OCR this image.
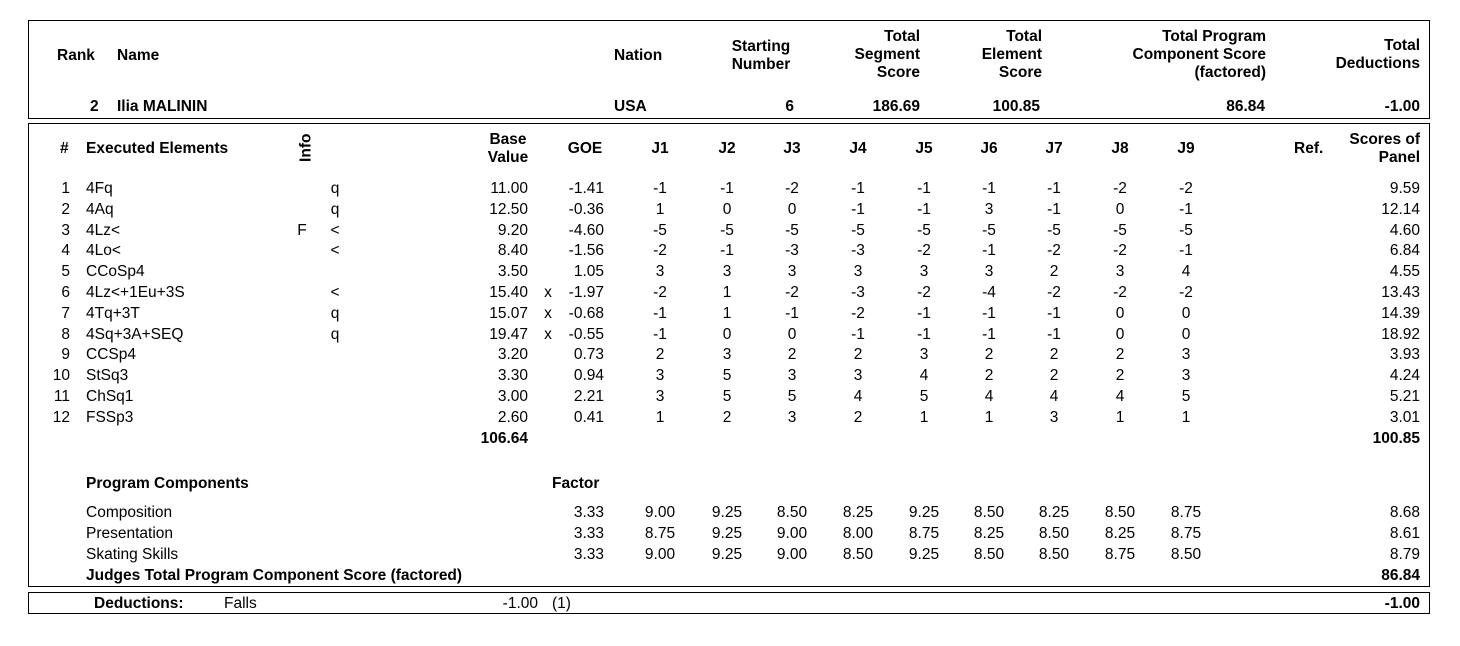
Rank Name	Nation
Starting
Number
Total
Segment
Score
Total
Element
Score
Total Program
Component Score
(factored)
Total
Deductions
2 Ilia MALININ	USA	6	186.69	100.85	86.84	-1.00
# Executed Elements	Info	Base
Value
GOE	J1	J2	J3	J4	J5	J6	J7	J8	J9	Ref.
Scores of
Panel
1 4Fq	q	11.00	-1.41	-1	-1	-2	-1	-1	-1	-1	-2	-2	9.59
2 4Aq	q	12.50	-0.36	1	0	0	-1	-1	3	-1	0	-1	12.14
3 4Lz<	F	<	9.20	-4.60	-5	-5	-5	-5	-5	-5	-5	-5	-5	4.60
4 4Lo<	<	8.40	-1.56	-2	-1	-3	-3	-2	-1	-2	-2	-1	6.84
5 CCoSp4	3.50	1.05	3	3	3	3	3	3	2	3	4	4.55
6 4Lz<+1Eu+3S	<	15.40 x	-1.97	-2	1	-2	-3	-2	-4	-2	-2	-2	13.43
7 4Tq+3T	q	15.07 x	-0.68	-1	1	-1	-2	-1	-1	-1	0	0	14.39
8 4Sq+3A+SEQ	q	19.47 x	-0.55	-1	0	0	-1	-1	-1	-1	0	0	18.92
9 CCSp4	3.20	0.73	2	3	2	2	3	2	2	2	3	3.93
10 StSq3	3.30	0.94	3	5	3	3	4	2	2	2	3	4.24
11 ChSq1	3.00	2.21	3	5	5	4	5	4	4	4	5	5.21
12 FSSp3	2.60	0.41	1	2	3	2	1	1	3	1	1	3.01
106.64	100.85
Program Components	Factor
Composition	3.33	9.00	9.25	8.50	8.25	9.25	8.50	8.25	8.50	8.75	8.68
Presentation	3.33	8.75	9.25	9.00	8.00	8.75	8.25	8.50	8.25	8.75	8.61
Skating Skills	3.33	9.00	9.25	9.00	8.50	9.25	8.50	8.50	8.75	8.50	8.79
Judges Total Program Component Score (factored)	86.84
Deductions:	Falls	-1.00 (1)	-1.00
